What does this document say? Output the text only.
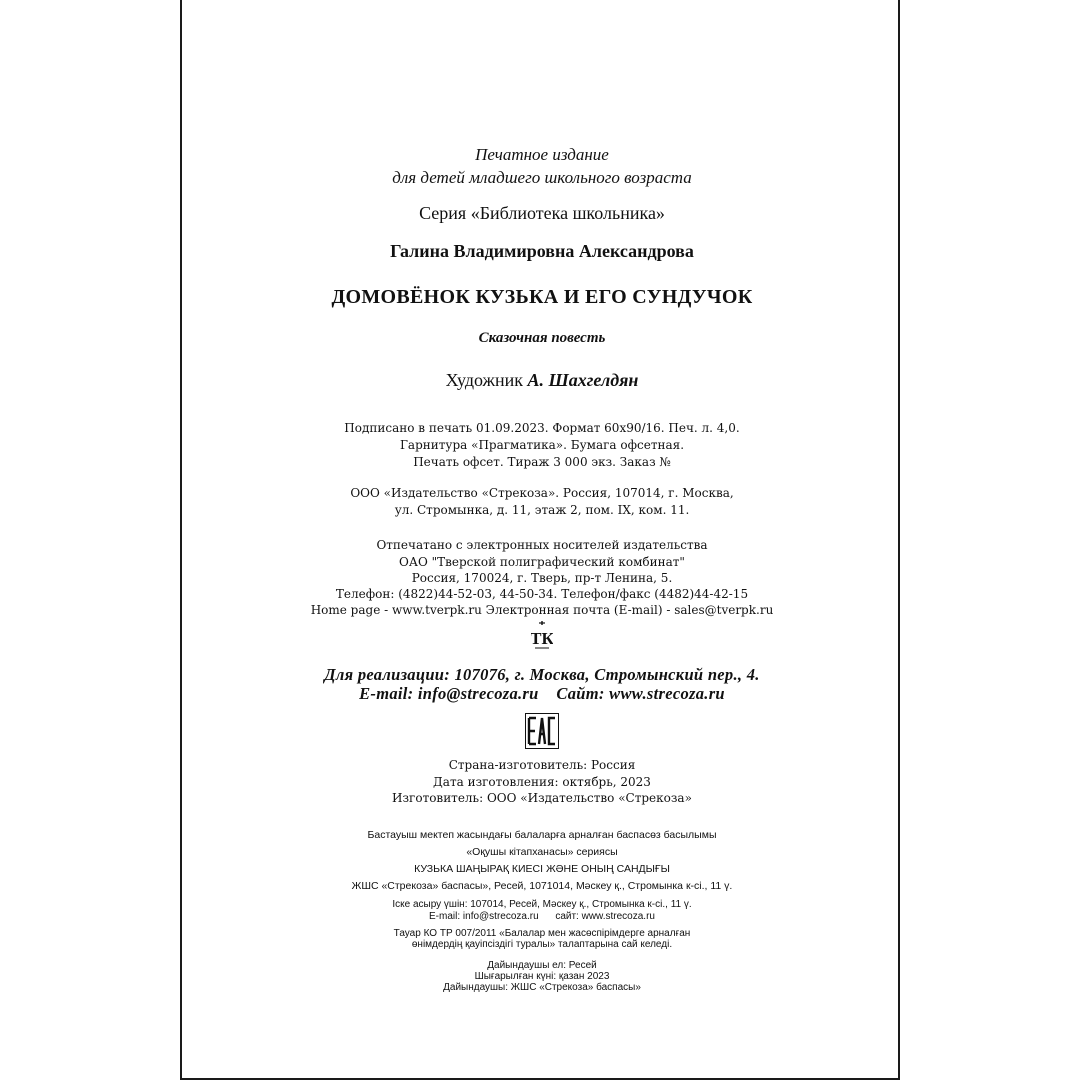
Печатное издание
для детей младшего школьного возраста
Серия «Библиотека школьника»
Галина Владимировна Александрова
ДОМОВЁНОК КУЗЬКА И ЕГО СУНДУЧОК
Сказочная повесть
Художник А. Шахгелдян
Подписано в печать 01.09.2023. Формат 60х90/16. Печ. л. 4,0.
Гарнитура «Прагматика». Бумага офсетная.
Печать офсет. Тираж 3 000 экз. Заказ №
ООО «Издательство «Стрекоза». Россия, 107014, г. Москва,
ул. Стромынка, д. 11, этаж 2, пом. IX, ком. 11.
Отпечатано с электронных носителей издательства
ОАО "Тверской полиграфический комбинат"
Россия, 170024, г. Тверь, пр-т Ленина, 5.
Телефон: (4822)44-52-03, 44-50-34. Телефон/факс (4482)44-42-15
Home page - www.tverpk.ru Электронная почта (E-mail) - sales@tverpk.ru
ТК
Для реализации: 107076, г. Москва, Стромынский пер., 4.
E-mail: info@strecoza.ru Сайт: www.strecoza.ru
Страна-изготовитель: Россия
Дата изготовления: октябрь, 2023
Изготовитель: ООО «Издательство «Стрекоза»
Бастауыш мектеп жасындағы балаларға арналған баспасөз басылымы
«Оқушы кітапханасы» сериясы
КУЗЬКА ШАҢЫРАҚ КИЕСІ ЖӘНЕ ОНЫҢ САНДЫҒЫ
ЖШС «Стрекоза» баспасы», Ресей, 1071014, Мәскеу қ., Стромынка к-сі., 11 ү.
Іске асыру үшін: 107014, Ресей, Мәскеу қ., Стромынка к-сі., 11 ү.
E-mail: info@strecoza.ru сайт: www.strecoza.ru
Тауар КО ТР 007/2011 «Балалар мен жасөспірімдерге арналған
өнімдердің қауіпсіздігі туралы» талаптарына сай келеді.
Дайындаушы ел: Ресей
Шығарылған күні: қазан 2023
Дайындаушы: ЖШС «Стрекоза» баспасы»
